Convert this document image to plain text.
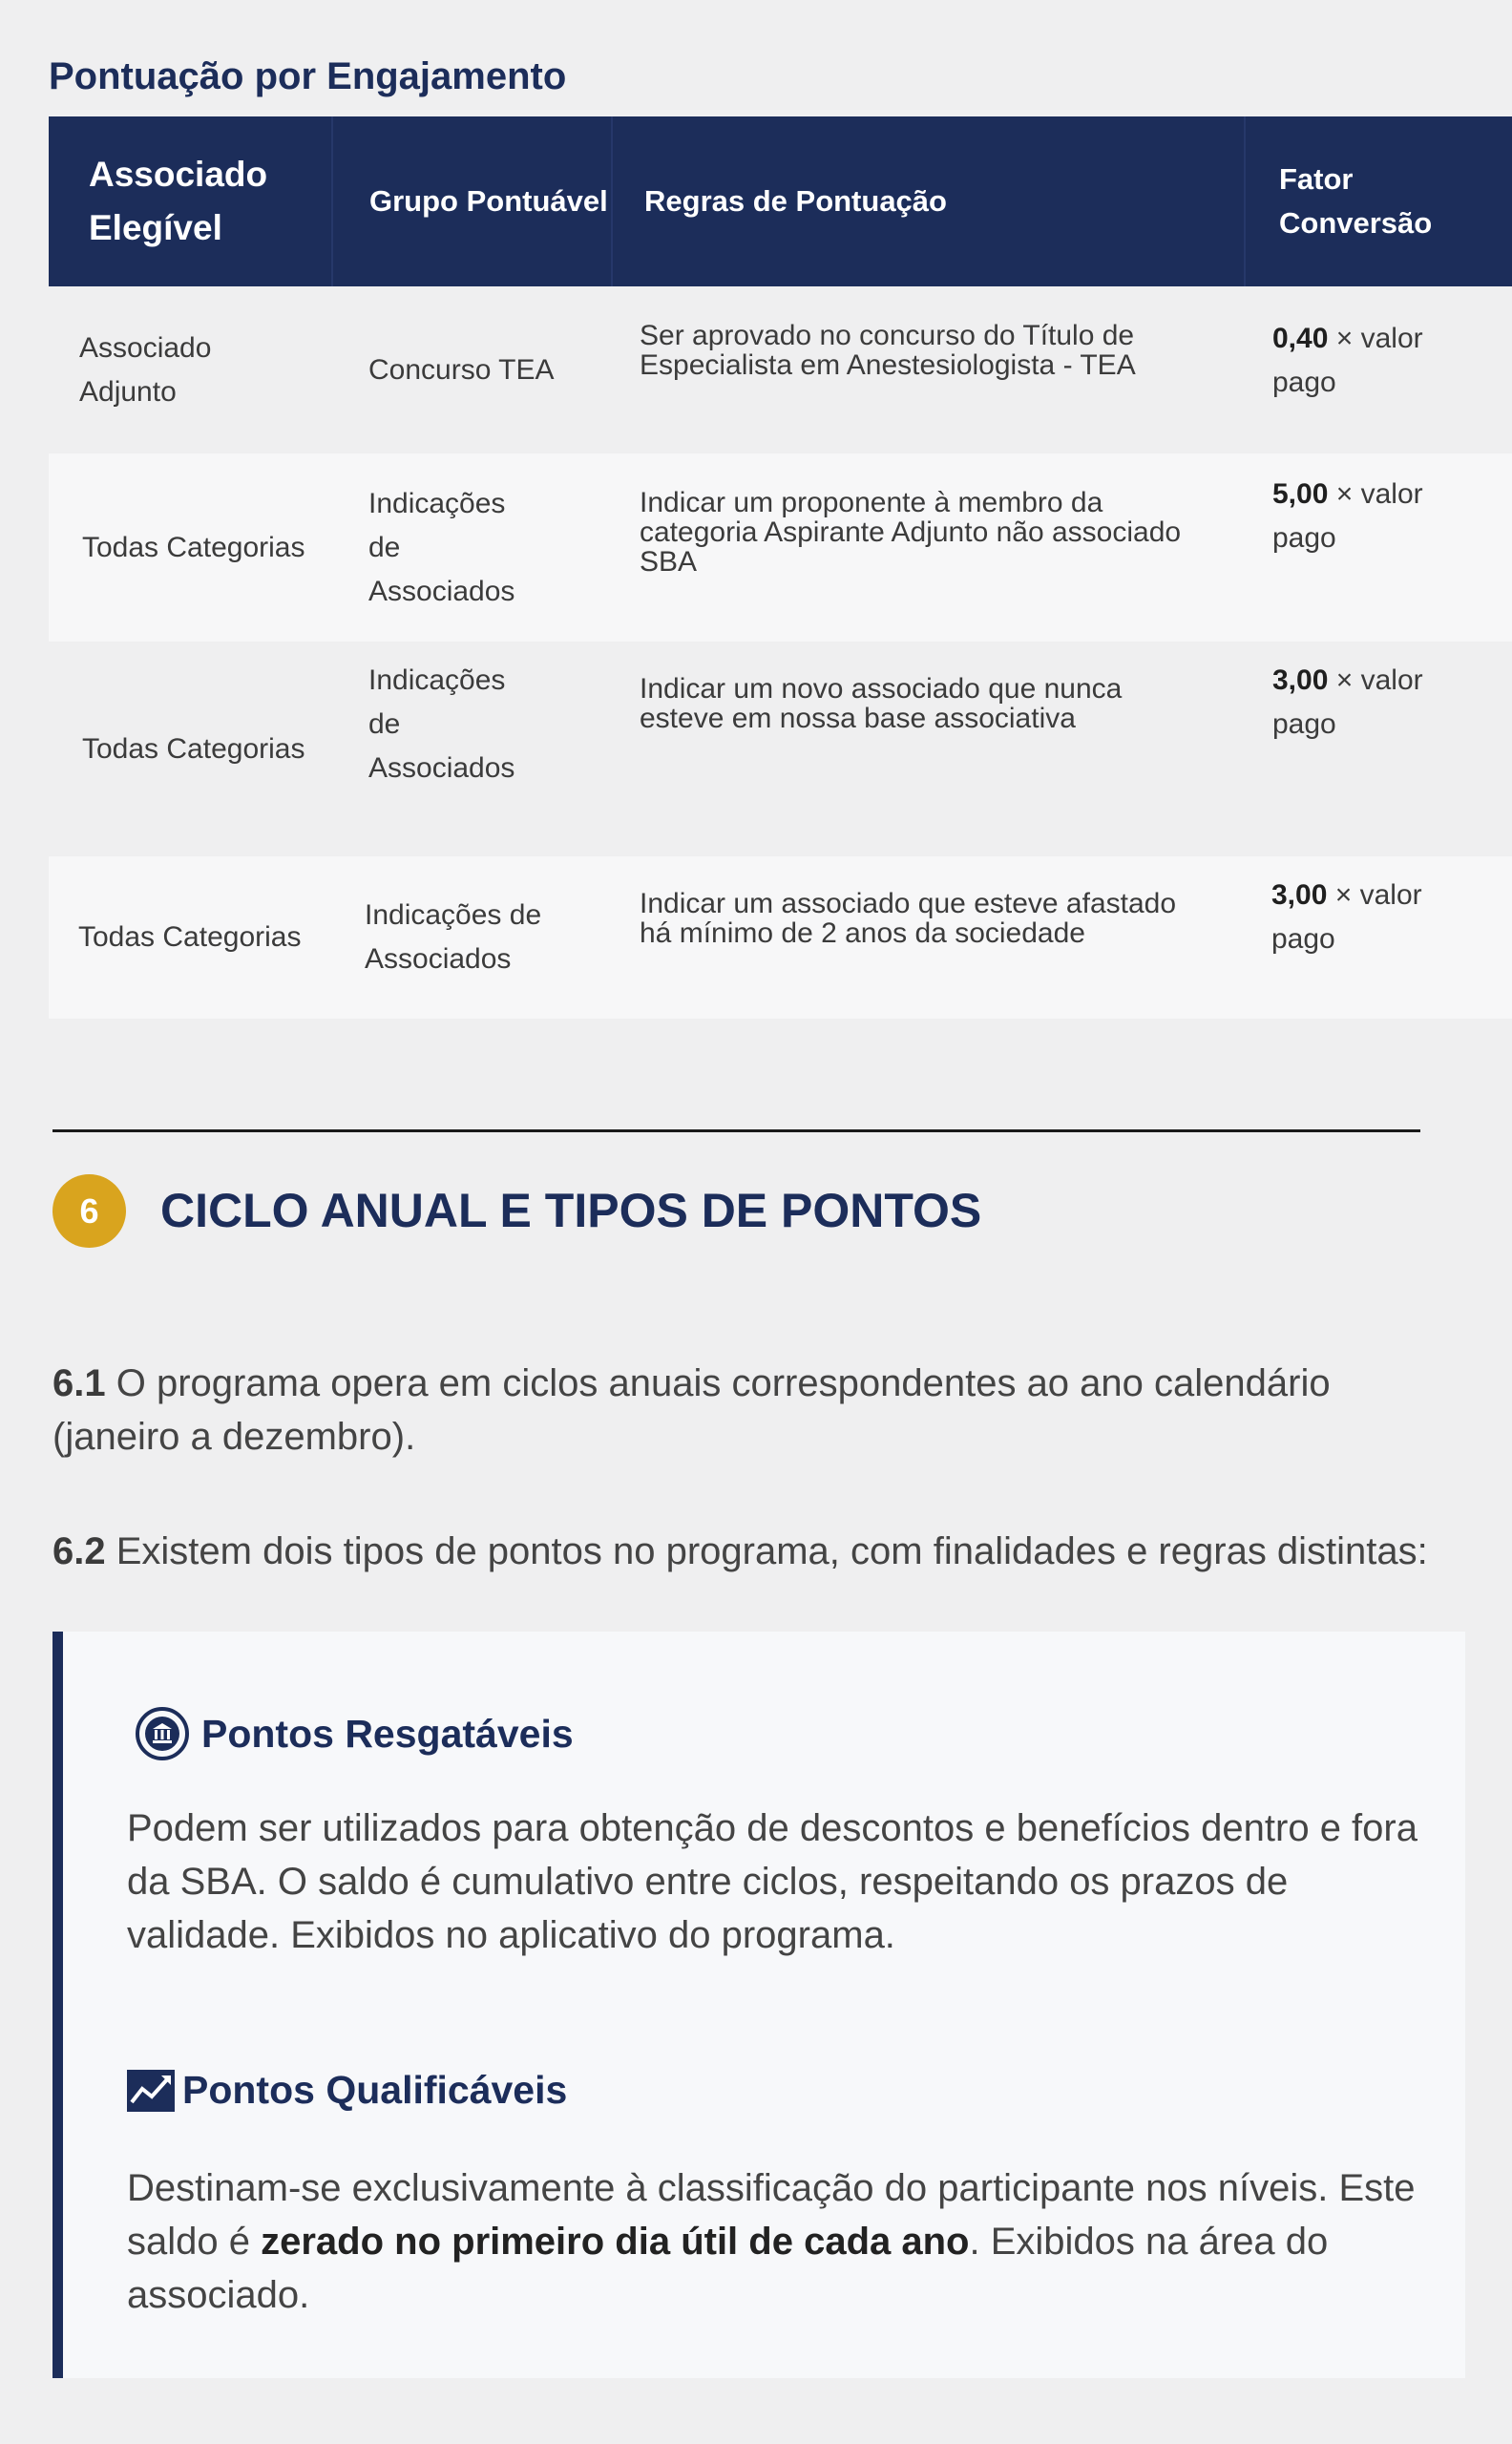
Pontuação por Engajamento
Associado Elegível	Grupo Pontuável	Regras de Pontuação	Fator Conversão

Associado Adjunto	Concurso TEA	Ser aprovado no concurso do Título de Especialista em Anestesiologista - TEA	0,40 × valor pago

Todas Categorias	Indicações de Associados	Indicar um proponente à membro da categoria Aspirante Adjunto não associado SBA	5,00 × valor pago

Todas Categorias	Indicações de Associados	Indicar um novo associado que nunca esteve em nossa base associativa	3,00 × valor pago

Todas Categorias	Indicações de Associados	Indicar um associado que esteve afastado há mínimo de 2 anos da sociedade	3,00 × valor pago
6	CICLO ANUAL E TIPOS DE PONTOS

6.1 O programa opera em ciclos anuais correspondentes ao ano calendário (janeiro a dezembro).

6.2 Existem dois tipos de pontos no programa, com finalidades e regras distintas:

Pontos Resgatáveis

Podem ser utilizados para obtenção de descontos e benefícios dentro e fora da SBA. O saldo é cumulativo entre ciclos, respeitando os prazos de validade. Exibidos no aplicativo do programa.

Pontos Qualificáveis

Destinam-se exclusivamente à classificação do participante nos níveis. Este saldo é zerado no primeiro dia útil de cada ano. Exibidos na área do associado.
